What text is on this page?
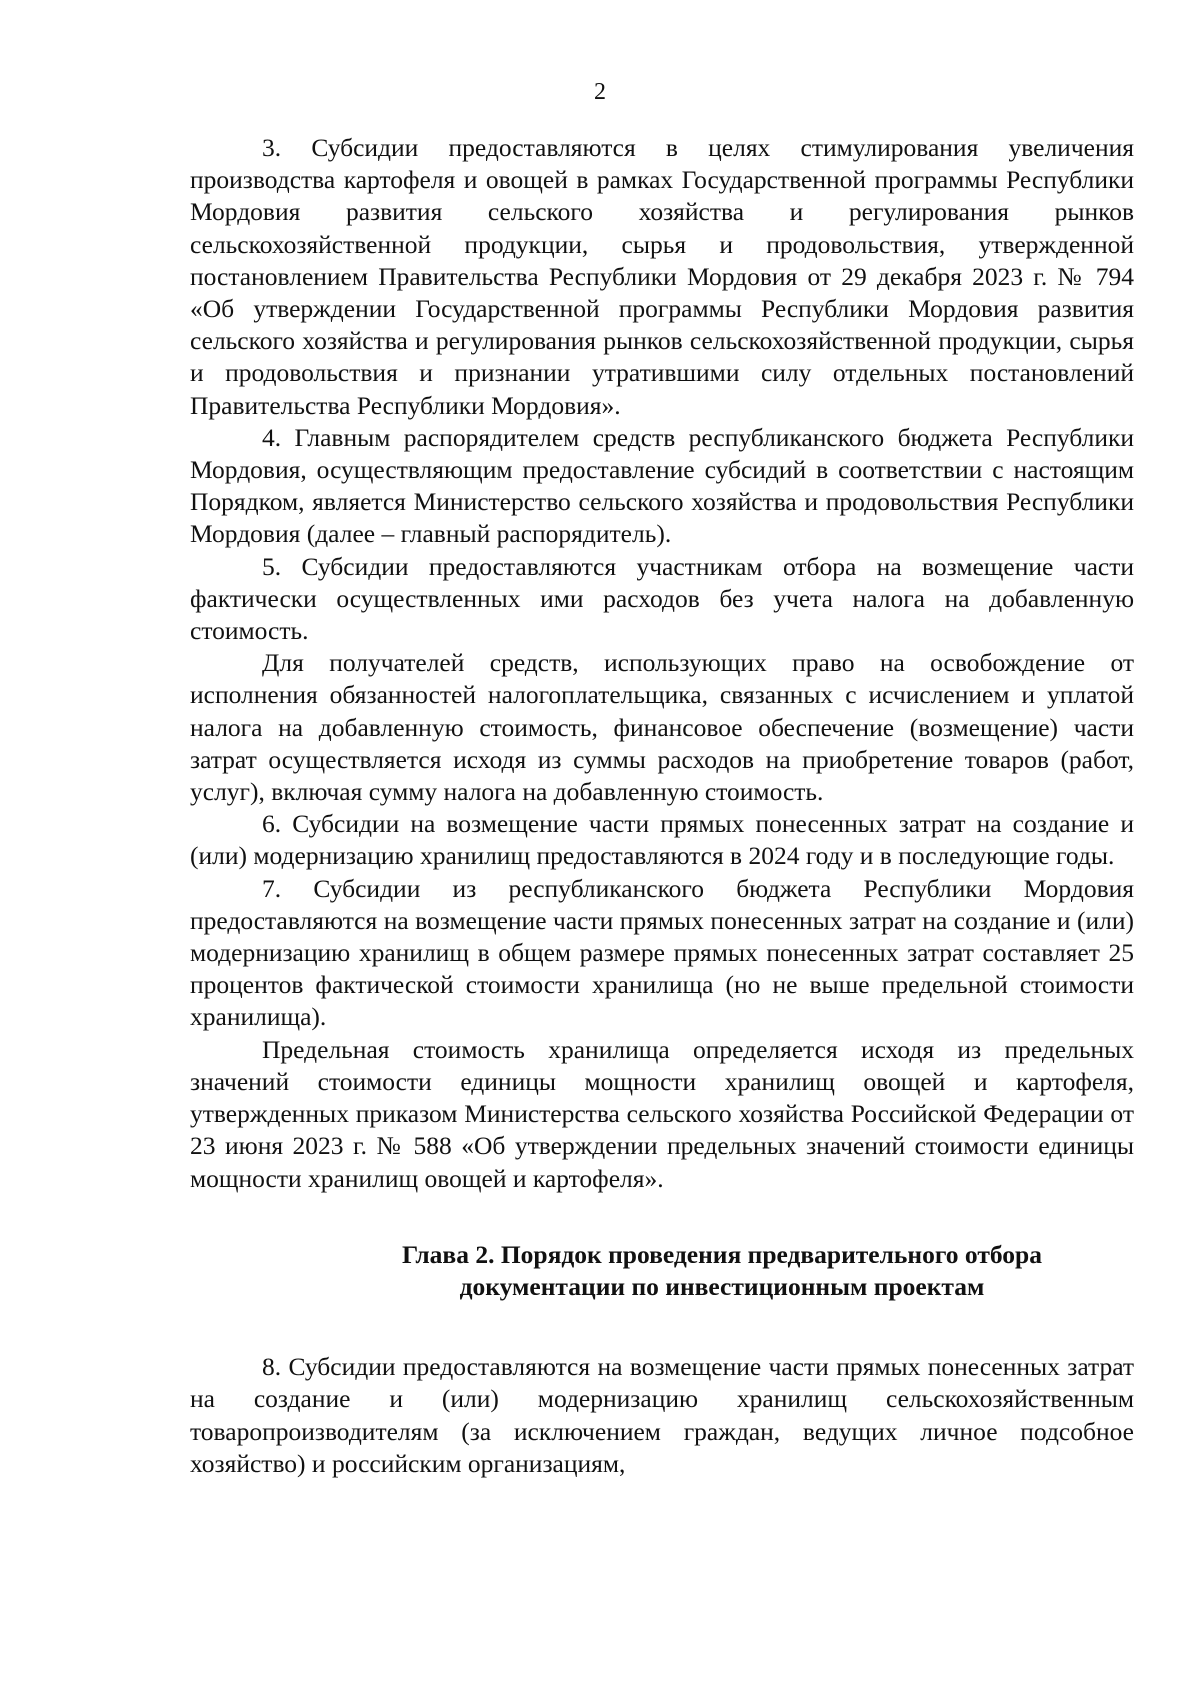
2

3. Субсидии предоставляются в целях стимулирования увеличения производства картофеля и овощей в рамках Государственной программы Республики Мордовия развития сельского хозяйства и регулирования рынков сельскохозяйственной продукции, сырья и продовольствия, утвержденной постановлением Правительства Республики Мордовия от 29 декабря 2023 г. № 794 «Об утверждении Государственной программы Республики Мордовия развития сельского хозяйства и регулирования рынков сельскохозяйственной продукции, сырья и продовольствия и признании утратившими силу отдельных постановлений Правительства Республики Мордовия».

4. Главным распорядителем средств республиканского бюджета Республики Мордовия, осуществляющим предоставление субсидий в соответствии с настоящим Порядком, является Министерство сельского хозяйства и продовольствия Республики Мордовия (далее – главный распорядитель).

5. Субсидии предоставляются участникам отбора на возмещение части фактически осуществленных ими расходов без учета налога на добавленную стоимость.

Для получателей средств, использующих право на освобождение от исполнения обязанностей налогоплательщика, связанных с исчислением и уплатой налога на добавленную стоимость, финансовое обеспечение (возмещение) части затрат осуществляется исходя из суммы расходов на приобретение товаров (работ, услуг), включая сумму налога на добавленную стоимость.

6. Субсидии на возмещение части прямых понесенных затрат на создание и (или) модернизацию хранилищ предоставляются в 2024 году и в последующие годы.

7. Субсидии из республиканского бюджета Республики Мордовия предоставляются на возмещение части прямых понесенных затрат на создание и (или) модернизацию хранилищ в общем размере прямых понесенных затрат составляет 25 процентов фактической стоимости хранилища (но не выше предельной стоимости хранилища).

Предельная стоимость хранилища определяется исходя из предельных значений стоимости единицы мощности хранилищ овощей и картофеля, утвержденных приказом Министерства сельского хозяйства Российской Федерации от 23 июня 2023 г. № 588 «Об утверждении предельных значений стоимости единицы мощности хранилищ овощей и картофеля».

Глава 2. Порядок проведения предварительного отбора
документации по инвестиционным проектам

8. Субсидии предоставляются на возмещение части прямых понесенных затрат на создание и (или) модернизацию хранилищ сельскохозяйственным товаропроизводителям (за исключением граждан, ведущих личное подсобное хозяйство) и российским организациям,
